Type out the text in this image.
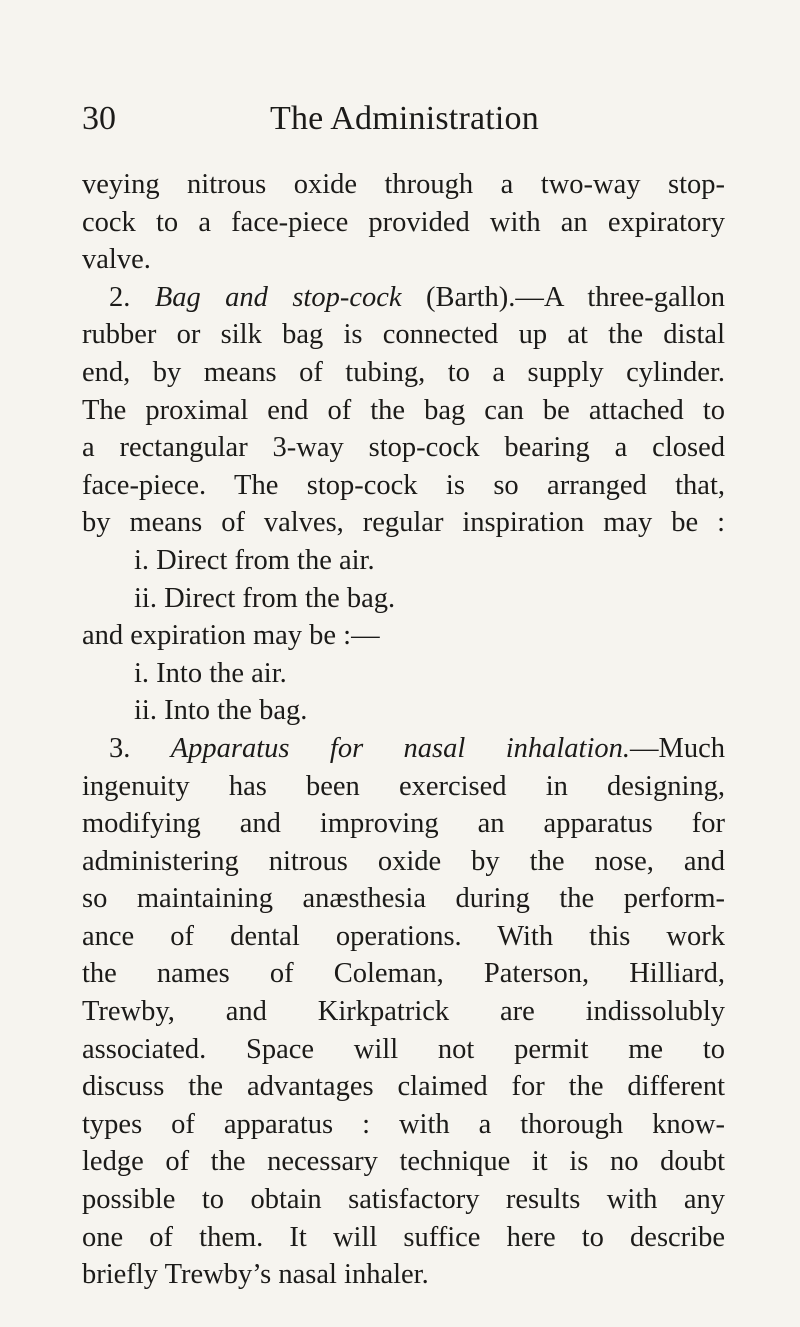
30	The Administration
veying nitrous oxide through a two-way stop-
cock to a face-piece provided with an expiratory
valve.
2. Bag and stop-cock (Barth).—A three-gallon
rubber or silk bag is connected up at the distal
end, by means of tubing, to a supply cylinder.
The proximal end of the bag can be attached to
a rectangular 3-way stop-cock bearing a closed
face-piece. The stop-cock is so arranged that,
by means of valves, regular inspiration may be :
i. Direct from the air.
ii. Direct from the bag.
and expiration may be :—
i. Into the air.
ii. Into the bag.
3. Apparatus for nasal inhalation.—Much
ingenuity has been exercised in designing,
modifying and improving an apparatus for
administering nitrous oxide by the nose, and
so maintaining anæsthesia during the perform-
ance of dental operations. With this work
the names of Coleman, Paterson, Hilliard,
Trewby, and Kirkpatrick are indissolubly
associated. Space will not permit me to
discuss the advantages claimed for the different
types of apparatus : with a thorough know-
ledge of the necessary technique it is no doubt
possible to obtain satisfactory results with any
one of them. It will suffice here to describe
briefly Trewby’s nasal inhaler.
